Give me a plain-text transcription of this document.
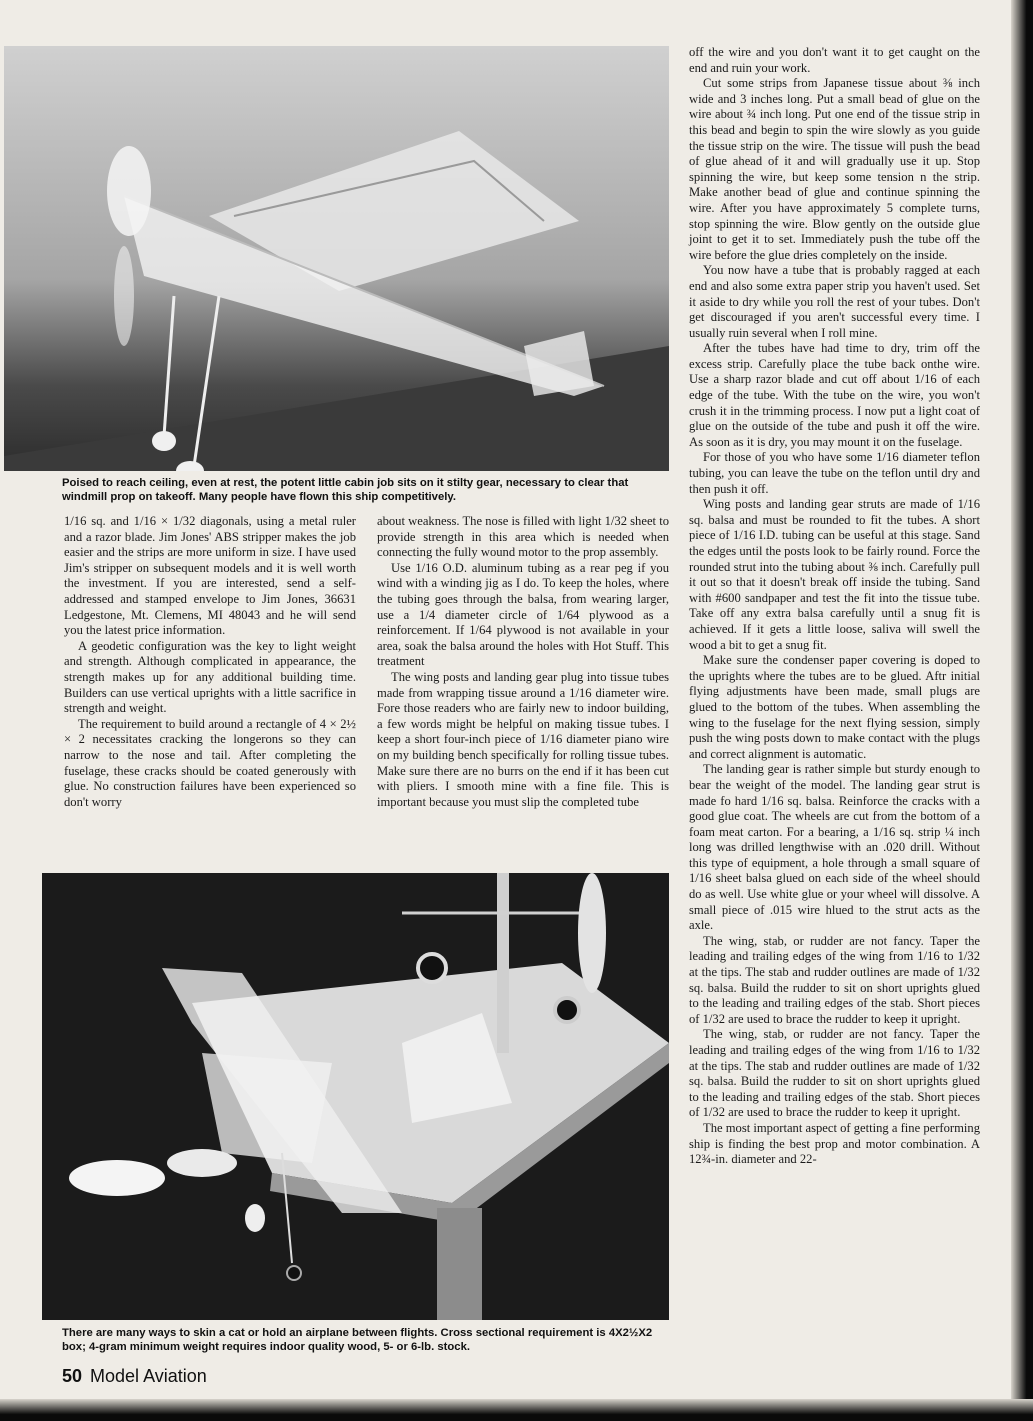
Poised to reach ceiling, even at rest, the potent little cabin job sits on it stilty gear, necessary to clear that windmill prop on takeoff. Many people have flown this ship competitively.
There are many ways to skin a cat or hold an airplane between flights. Cross sectional requirement is 4X2½X2 box; 4-gram minimum weight requires indoor quality wood, 5- or 6-lb. stock.

1/16 sq. and 1/16 × 1/32 diagonals, using a metal ruler and a razor blade. Jim Jones' ABS stripper makes the job easier and the strips are more uniform in size. I have used Jim's stripper on subsequent models and it is well worth the investment. If you are interested, send a self-addressed and stamped envelope to Jim Jones, 36631 Ledgestone, Mt. Clemens, MI 48043 and he will send you the latest price information.

A geodetic configuration was the key to light weight and strength. Although complicated in appearance, the strength makes up for any additional building time. Builders can use vertical uprights with a little sacrifice in strength and weight.

The requirement to build around a rectangle of 4 × 2½ × 2 necessitates cracking the longerons so they can narrow to the nose and tail. After completing the fuselage, these cracks should be coated generously with glue. No construction failures have been experienced so don't worry

about weakness. The nose is filled with light 1/32 sheet to provide strength in this area which is needed when connecting the fully wound motor to the prop assembly.

Use 1/16 O.D. aluminum tubing as a rear peg if you wind with a winding jig as I do. To keep the holes, where the tubing goes through the balsa, from wearing larger, use a 1/4 diameter circle of 1/64 plywood as a reinforcement. If 1/64 plywood is not available in your area, soak the balsa around the holes with Hot Stuff. This treatment

The wing posts and landing gear plug into tissue tubes made from wrapping tissue around a 1/16 diameter wire. Fore those readers who are fairly new to indoor building, a few words might be helpful on making tissue tubes. I keep a short four-inch piece of 1/16 diameter piano wire on my building bench specifically for rolling tissue tubes. Make sure there are no burrs on the end if it has been cut with pliers. I smooth mine with a fine file. This is important because you must slip the completed tube

off the wire and you don't want it to get caught on the end and ruin your work.

Cut some strips from Japanese tissue about ⅜ inch wide and 3 inches long. Put a small bead of glue on the wire about ¾ inch long. Put one end of the tissue strip in this bead and begin to spin the wire slowly as you guide the tissue strip on the wire. The tissue will push the bead of glue ahead of it and will gradually use it up. Stop spinning the wire, but keep some tension n the strip. Make another bead of glue and continue spinning the wire. After you have approximately 5 complete turns, stop spinning the wire. Blow gently on the outside glue joint to get it to set. Immediately push the tube off the wire before the glue dries completely on the inside.

You now have a tube that is probably ragged at each end and also some extra paper strip you haven't used. Set it aside to dry while you roll the rest of your tubes. Don't get discouraged if you aren't successful every time. I usually ruin several when I roll mine.

After the tubes have had time to dry, trim off the excess strip. Carefully place the tube back onthe wire. Use a sharp razor blade and cut off about 1/16 of each edge of the tube. With the tube on the wire, you won't crush it in the trimming process. I now put a light coat of glue on the outside of the tube and push it off the wire. As soon as it is dry, you may mount it on the fuselage.

For those of you who have some 1/16 diameter teflon tubing, you can leave the tube on the teflon until dry and then push it off.

Wing posts and landing gear struts are made of 1/16 sq. balsa and must be rounded to fit the tubes. A short piece of 1/16 I.D. tubing can be useful at this stage. Sand the edges until the posts look to be fairly round. Force the rounded strut into the tubing about ⅜ inch. Carefully pull it out so that it doesn't break off inside the tubing. Sand with #600 sandpaper and test the fit into the tissue tube. Take off any extra balsa carefully until a snug fit is achieved. If it gets a little loose, saliva will swell the wood a bit to get a snug fit.

Make sure the condenser paper covering is doped to the uprights where the tubes are to be glued. Aftr initial flying adjustments have been made, small plugs are glued to the bottom of the tubes. When assembling the wing to the fuselage for the next flying session, simply push the wing posts down to make contact with the plugs and correct alignment is automatic.

The landing gear is rather simple but sturdy enough to bear the weight of the model. The landing gear strut is made fo hard 1/16 sq. balsa. Reinforce the cracks with a good glue coat. The wheels are cut from the bottom of a foam meat carton. For a bearing, a 1/16 sq. strip ¼ inch long was drilled lengthwise with an .020 drill. Without this type of equipment, a hole through a small square of 1/16 sheet balsa glued on each side of the wheel should do as well. Use white glue or your wheel will dissolve. A small piece of .015 wire hlued to the strut acts as the axle.

The wing, stab, or rudder are not fancy. Taper the leading and trailing edges of the wing from 1/16 to 1/32 at the tips. The stab and rudder outlines are made of 1/32 sq. balsa. Build the rudder to sit on short uprights glued to the leading and trailing edges of the stab. Short pieces of 1/32 are used to brace the rudder to keep it upright.

The wing, stab, or rudder are not fancy. Taper the leading and trailing edges of the wing from 1/16 to 1/32 at the tips. The stab and rudder outlines are made of 1/32 sq. balsa. Build the rudder to sit on short uprights glued to the leading and trailing edges of the stab. Short pieces of 1/32 are used to brace the rudder to keep it upright.

The most important aspect of getting a fine performing ship is finding the best prop and motor combination. A 12¾-in. diameter and 22-

50 Model Aviation
